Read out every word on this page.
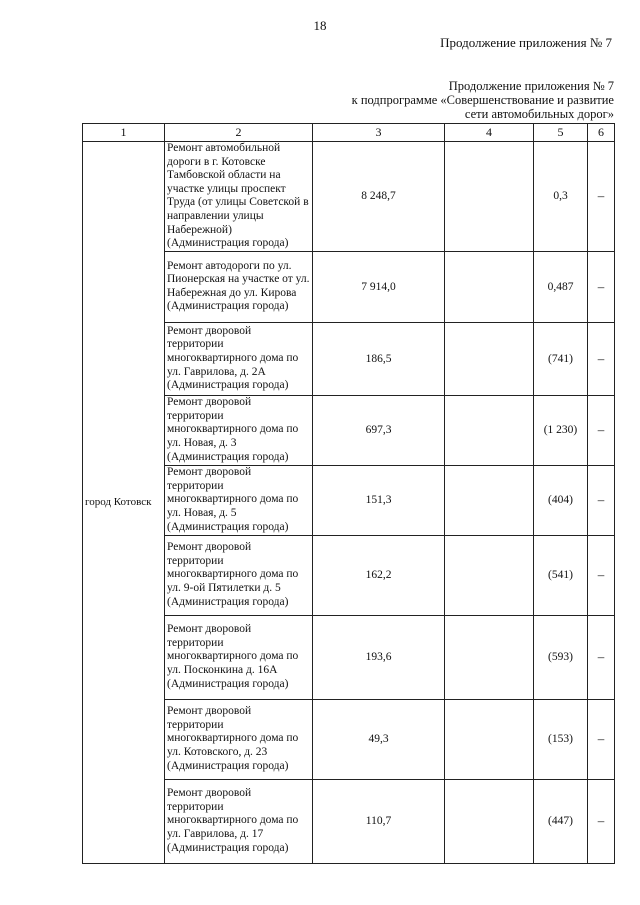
18
Продолжение приложения № 7
Продолжение приложения № 7
к подпрограмме «Совершенствование и развитие
сети автомобильных дорог»
1	2	3	4	5	6
город Котовск	Ремонт автомобильной дороги в г. Котовске Тамбовской области на участке улицы проспект Труда (от улицы Советской в направлении улицы Набережной) (Администрация города)	8 248,7		0,3	–
	Ремонт автодороги по ул. Пионерская на участке от ул. Набережная до ул. Кирова (Администрация города)	7 914,0		0,487	–
	Ремонт дворовой территории многоквартирного дома по ул. Гаврилова, д. 2А (Администрация города)	186,5		(741)	–
	Ремонт дворовой территории многоквартирного дома по ул. Новая, д. 3 (Администрация города)	697,3		(1 230)	–
	Ремонт дворовой территории многоквартирного дома по ул. Новая, д. 5 (Администрация города)	151,3		(404)	–
	Ремонт дворовой территории многоквартирного дома по ул. 9-ой Пятилетки д. 5 (Администрация города)	162,2		(541)	–
	Ремонт дворовой территории многоквартирного дома по ул. Посконкина д. 16А (Администрация города)	193,6		(593)	–
	Ремонт дворовой территории многоквартирного дома по ул. Котовского, д. 23 (Администрация города)	49,3		(153)	–
	Ремонт дворовой территории многоквартирного дома по ул. Гаврилова, д. 17 (Администрация города)	110,7		(447)	–
